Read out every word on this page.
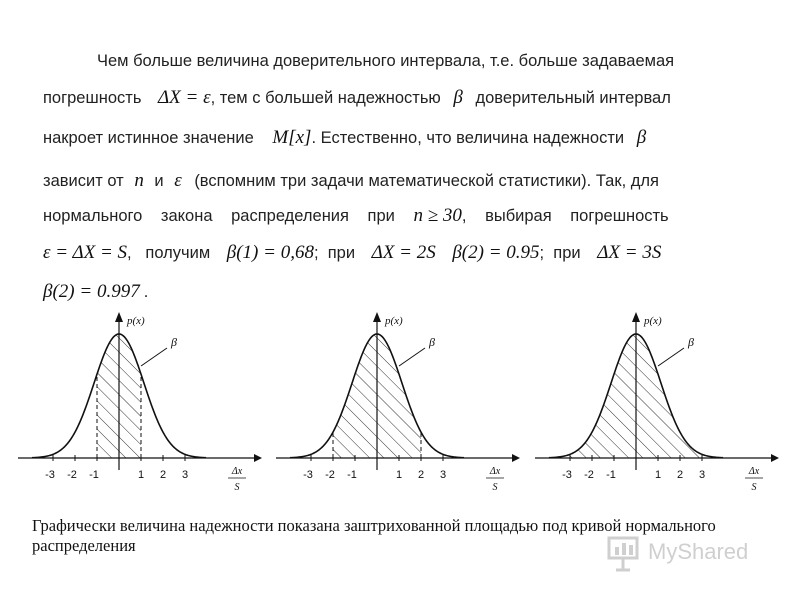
Чем больше величина доверительного интервала, т.е. больше задаваемая
погрешность ΔX = ε, тем с большей надежностью β доверительный интервал
накроет истинное значение M[x]. Естественно, что величина надежности β
зависит от n и ε (вспомним три задачи математической статистики). Так, для
нормального закона распределения при n ≥ 30, выбирая погрешность
ε = ΔX = S,   получим β(1) = 0,68;  при ΔX = 2S β(2) = 0.95;  при ΔX = 3S
β(2) = 0.997 .
-3 -2 -1	1 2 3
p(x)
β
Δx
S
-3 -2 -1	1 2 3
p(x)
β
Δx
S
-3 -2 -1	1 2 3
p(x)
β
Δx
S
Графически величина надежности показана заштрихованной площадью под кривой нормального распределения	MyShared
